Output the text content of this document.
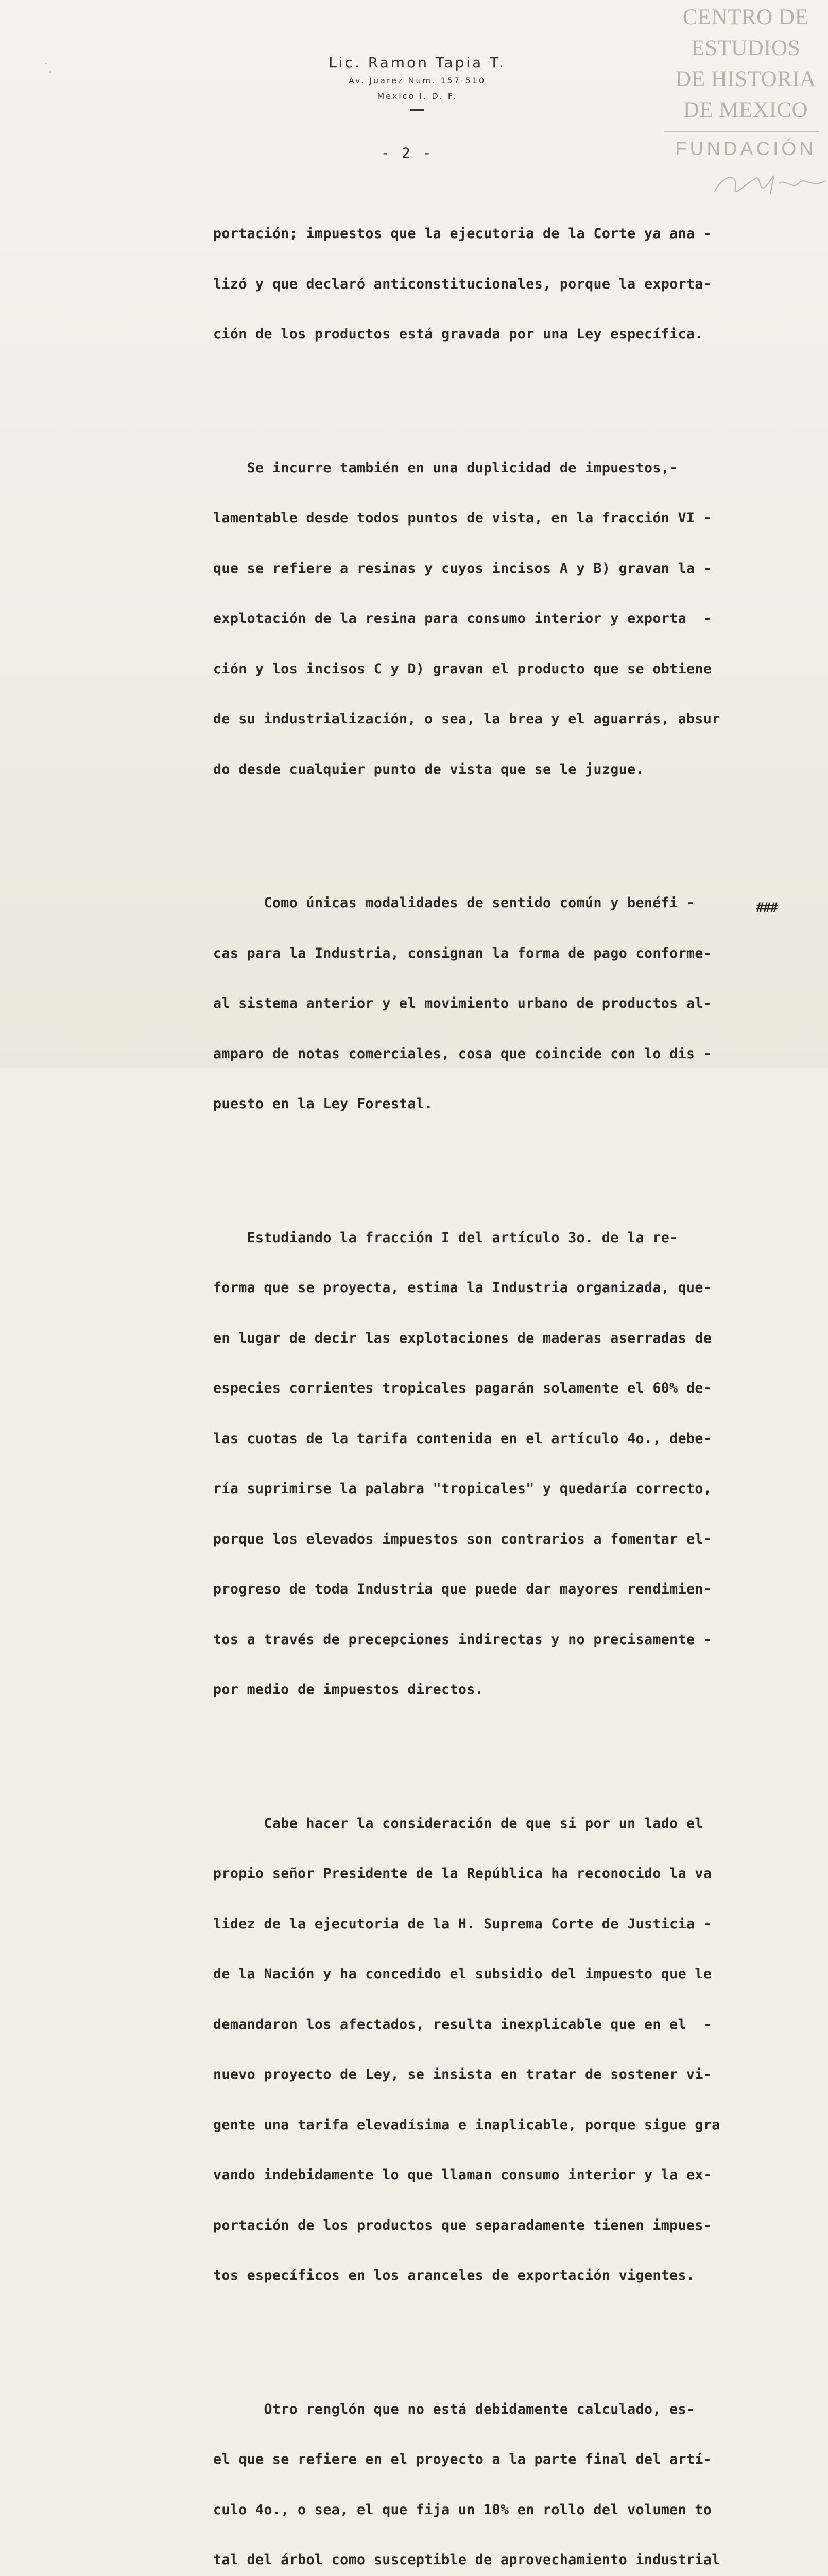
CENTRO DE
ESTUDIOS
DE HISTORIA
DE MEXICO
FUNDACIÓN
Lic. Ramon Tapia T.
Av. Juarez Num. 157-510
Mexico I. D. F.
- 2 -

portación; impuestos que la ejecutoria de la Corte ya ana -

lizó y que declaró anticonstitucionales, porque la exporta-

ción de los productos está gravada por una Ley específica.

Se incurre también en una duplicidad de impuestos,-

lamentable desde todos puntos de vista, en la fracción VI -

que se refiere a resinas y cuyos incisos A y B) gravan la -

explotación de la resina para consumo interior y exporta  -

ción y los incisos C y D) gravan el producto que se obtiene

de su industrialización, o sea, la brea y el aguarrás, absur

do desde cualquier punto de vista que se le juzgue.

Como únicas modalidades de sentido común y benéfi -

cas para la Industria, consignan la forma de pago conforme-

al sistema anterior y el movimiento urbano de productos al-

amparo de notas comerciales, cosa que coincide con lo dis -

puesto en la Ley Forestal.

Estudiando la fracción I del artículo 3o. de la re-

forma que se proyecta, estima la Industria organizada, que-

en lugar de decir las explotaciones de maderas aserradas de

especies corrientes tropicales pagarán solamente el 60% de-

las cuotas de la tarifa contenida en el artículo 4o., debe-

ría suprimirse la palabra "tropicales" y quedaría correcto,

porque los elevados impuestos son contrarios a fomentar el-

progreso de toda Industria que puede dar mayores rendimien-

tos a través de precepciones indirectas y no precisamente -

por medio de impuestos directos.

Cabe hacer la consideración de que si por un lado el

propio señor Presidente de la República ha reconocido la va

lidez de la ejecutoria de la H. Suprema Corte de Justicia -

de la Nación y ha concedido el subsidio del impuesto que le

demandaron los afectados, resulta inexplicable que en el  -

nuevo proyecto de Ley, se insista en tratar de sostener vi-

gente una tarifa elevadísima e inaplicable, porque sigue gra

vando indebidamente lo que llaman consumo interior y la ex-

portación de los productos que separadamente tienen impues-

tos específicos en los aranceles de exportación vigentes.

Otro renglón que no está debidamente calculado, es-

el que se refiere en el proyecto a la parte final del artí-

culo 4o., o sea, el que fija un 10% en rollo del volumen to

tal del árbol como susceptible de aprovechamiento industrial

###
